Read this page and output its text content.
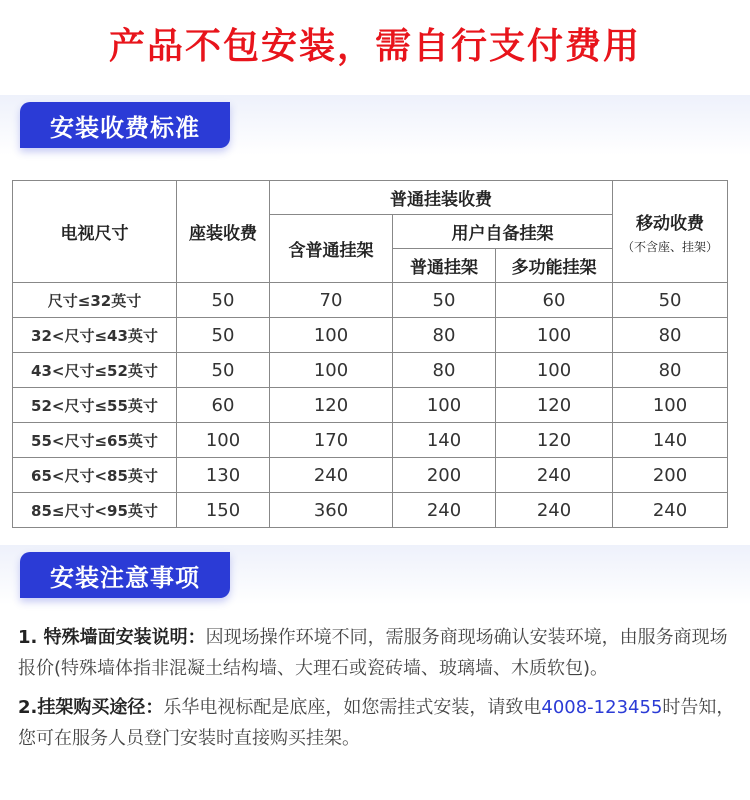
产品不包安装，需自行支付费用
安装收费标准
电视尺寸	座装收费	普通挂装收费			移动收费
（不含座、挂架）

		含普通挂架	用户自备挂架		
			普通挂架	多功能挂架	
尺寸≤32英寸	50	70	50	60	50
32<尺寸≤43英寸	50	100	80	100	80
43<尺寸≤52英寸	50	100	80	100	80
52<尺寸≤55英寸	60	120	100	120	100
55<尺寸≤65英寸	100	170	140	120	140
65<尺寸<85英寸	130	240	200	240	200
85≤尺寸<95英寸	150	360	240	240	240
安装注意事项

1. 特殊墙面安装说明：因现场操作环境不同，需服务商现场确认安装环境，由服务商现场报价(特殊墙体指非混凝土结构墙、大理石或瓷砖墙、玻璃墙、木质软包)。

2.挂架购买途径：乐华电视标配是底座，如您需挂式安装，请致电4008-123455时告知，您可在服务人员登门安装时直接购买挂架。
